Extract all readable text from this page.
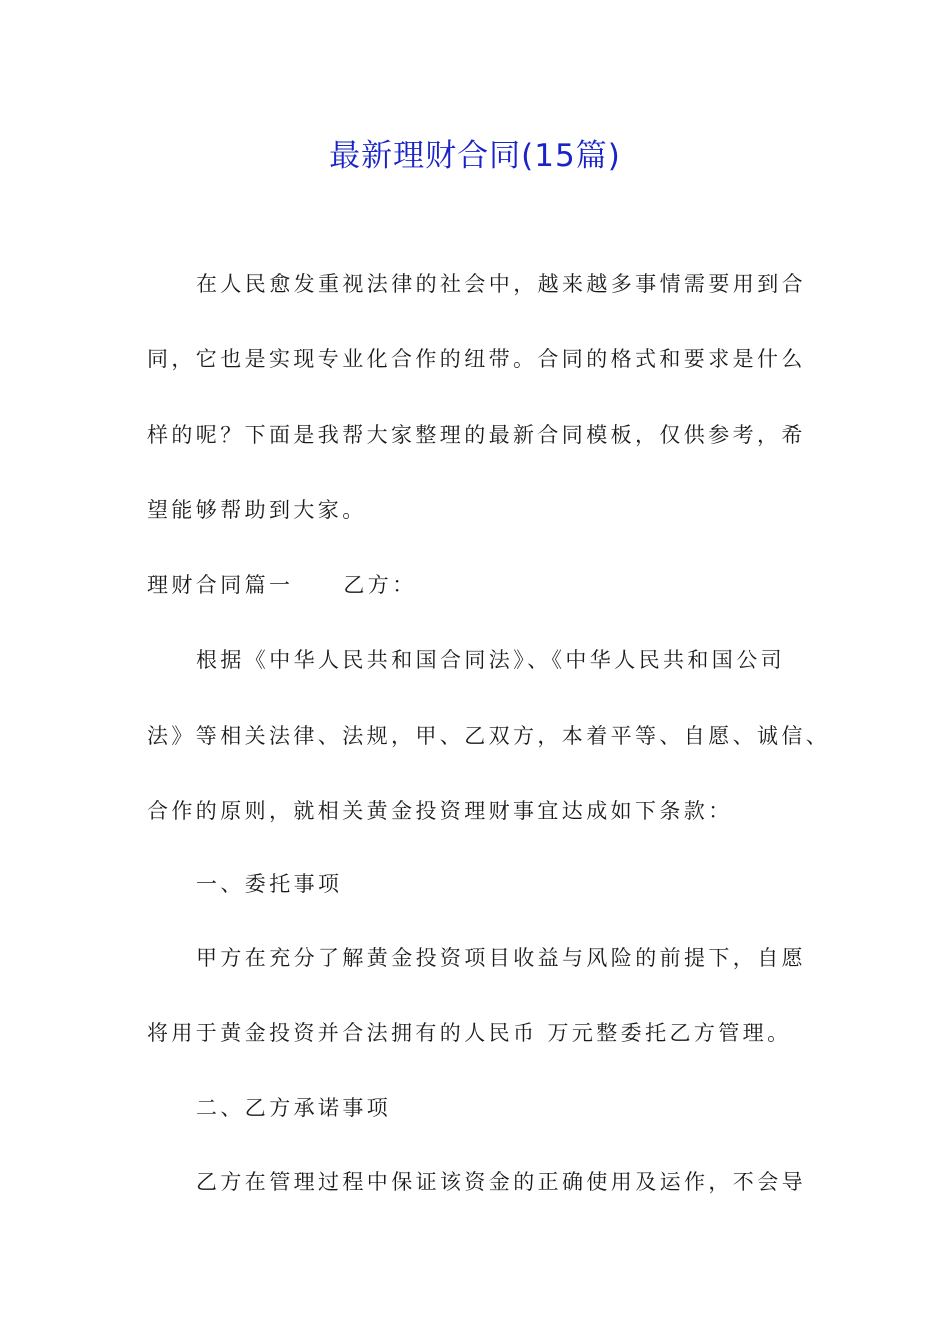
最新理财合同(15篇)

在人民愈发重视法律的社会中，越来越多事情需要用到合

同，它也是实现专业化合作的纽带。合同的格式和要求是什么

样的呢？下面是我帮大家整理的最新合同模板，仅供参考，希

望能够帮助到大家。

理财合同篇一 乙方：

根据《中华人民共和国合同法》、《中华人民共和国公司

法》等相关法律、法规，甲、乙双方，本着平等、自愿、诚信、

合作的原则，就相关黄金投资理财事宜达成如下条款：

一、委托事项

甲方在充分了解黄金投资项目收益与风险的前提下，自愿

将用于黄金投资并合法拥有的人民币 万元整委托乙方管理。

二、乙方承诺事项

乙方在管理过程中保证该资金的正确使用及运作，不会导
